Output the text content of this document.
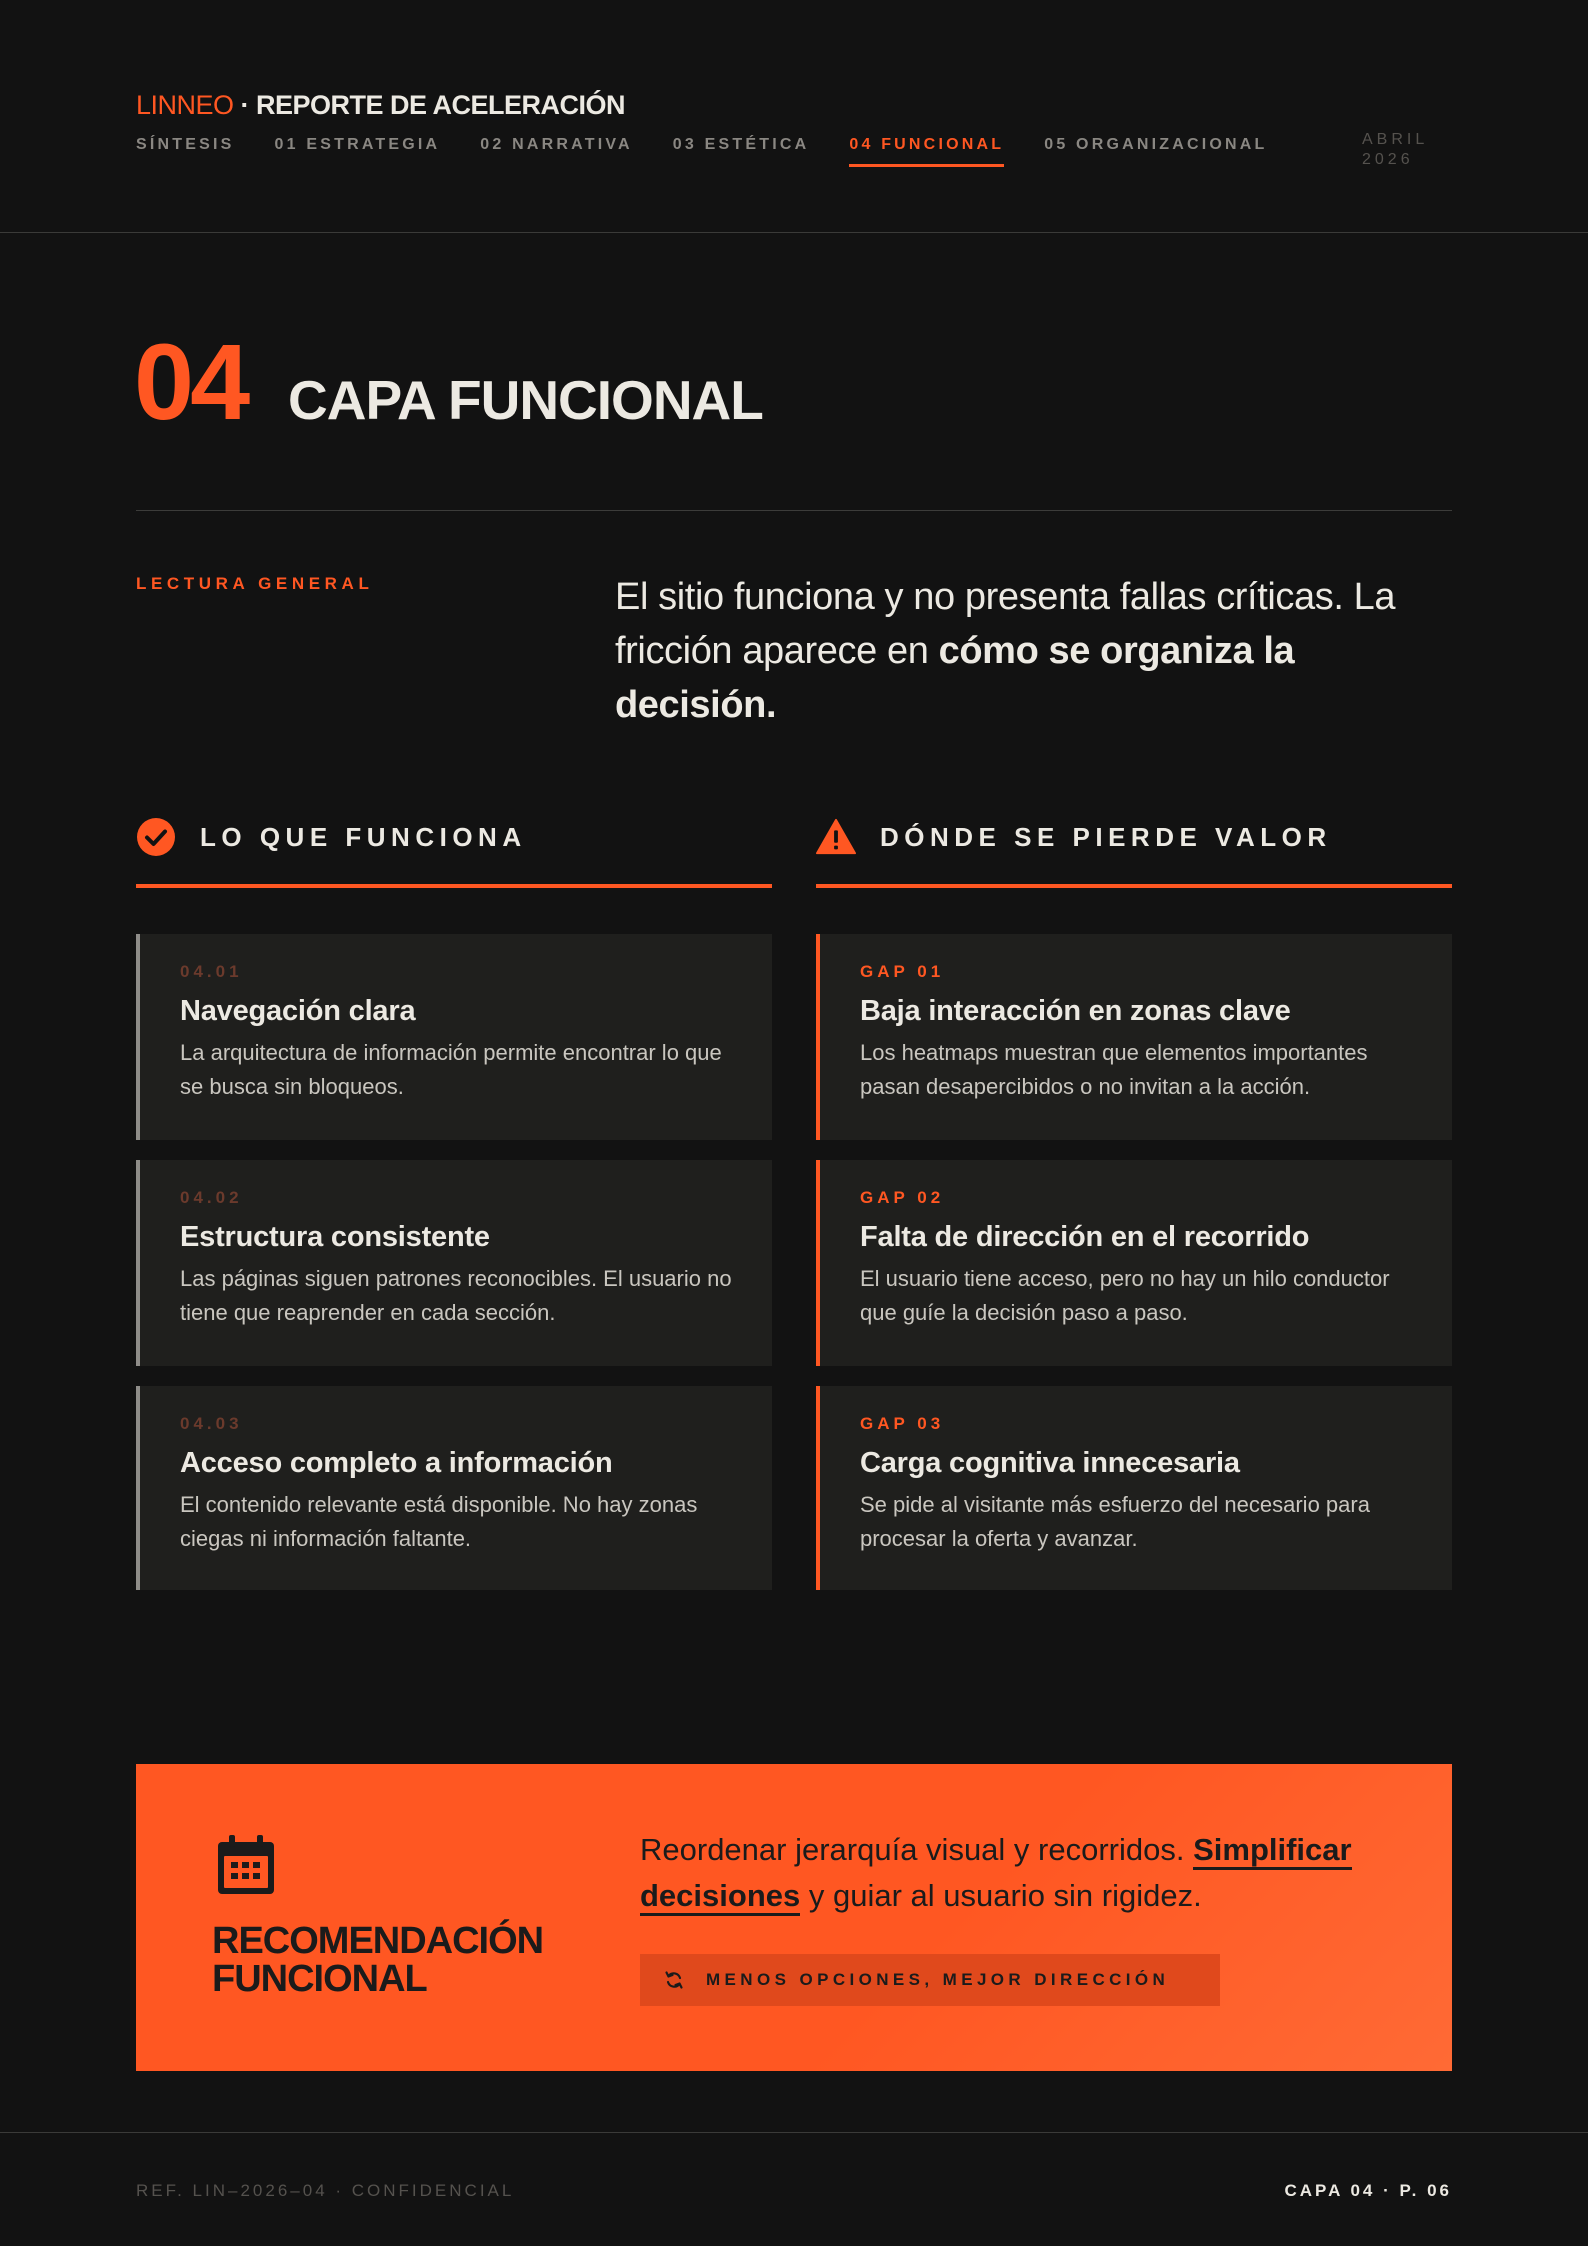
LINNEO · REPORTE DE ACELERACIÓN
SÍNTESIS	01 ESTRATEGIA	02 NARRATIVA	03 ESTÉTICA	04 FUNCIONAL	05 ORGANIZACIONAL	ABRIL 2026
04 CAPA FUNCIONAL
LECTURA GENERAL	El sitio funciona y no presenta fallas críticas. La fricción aparece en cómo se organiza la decisión.
LO QUE FUNCIONA
04.01
Navegación clara
La arquitectura de información permite encontrar lo que se busca sin bloqueos.
04.02
Estructura consistente
Las páginas siguen patrones reconocibles. El usuario no tiene que reaprender en cada sección.
04.03
Acceso completo a información
El contenido relevante está disponible. No hay zonas ciegas ni información faltante.
DÓNDE SE PIERDE VALOR
GAP 01
Baja interacción en zonas clave
Los heatmaps muestran que elementos importantes pasan desapercibidos o no invitan a la acción.
GAP 02
Falta de dirección en el recorrido
El usuario tiene acceso, pero no hay un hilo conductor que guíe la decisión paso a paso.
GAP 03
Carga cognitiva innecesaria
Se pide al visitante más esfuerzo del necesario para procesar la oferta y avanzar.
RECOMENDACIÓN
FUNCIONAL
Reordenar jerarquía visual y recorridos. Simplificar decisiones y guiar al usuario sin rigidez.
MENOS OPCIONES, MEJOR DIRECCIÓN
REF. LIN–2026–04 · CONFIDENCIAL	CAPA 04 · P. 06
